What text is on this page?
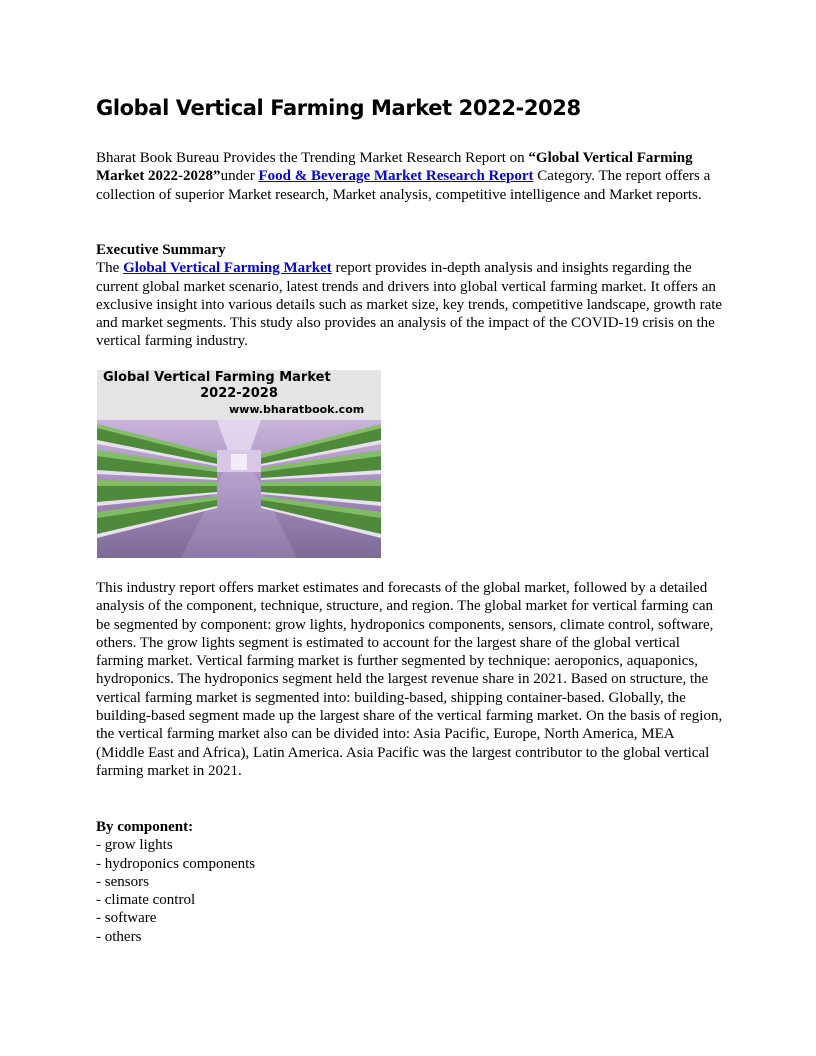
Global Vertical Farming Market 2022-2028

Bharat Book Bureau Provides the Trending Market Research Report on “Global Vertical Farming Market 2022-2028”under Food & Beverage Market Research Report Category. The report offers a collection of superior Market research, Market analysis, competitive intelligence and Market reports.

Executive Summary

The Global Vertical Farming Market report provides in-depth analysis and insights regarding the current global market scenario, latest trends and drivers into global vertical farming market. It offers an exclusive insight into various details such as market size, key trends, competitive landscape, growth rate and market segments. This study also provides an analysis of the impact of the COVID-19 crisis on the vertical farming industry.

Global Vertical Farming Market
2022-2028
www.bharatbook.com

This industry report offers market estimates and forecasts of the global market, followed by a detailed analysis of the component, technique, structure, and region. The global market for vertical farming can be segmented by component: grow lights, hydroponics components, sensors, climate control, software, others. The grow lights segment is estimated to account for the largest share of the global vertical farming market. Vertical farming market is further segmented by technique: aeroponics, aquaponics, hydroponics. The hydroponics segment held the largest revenue share in 2021. Based on structure, the vertical farming market is segmented into: building-based, shipping container-based. Globally, the building-based segment made up the largest share of the vertical farming market. On the basis of region, the vertical farming market also can be divided into: Asia Pacific, Europe, North America, MEA (Middle East and Africa), Latin America. Asia Pacific was the largest contributor to the global vertical farming market in 2021.

By component:

- grow lights
- hydroponics components
- sensors
- climate control
- software
- others
